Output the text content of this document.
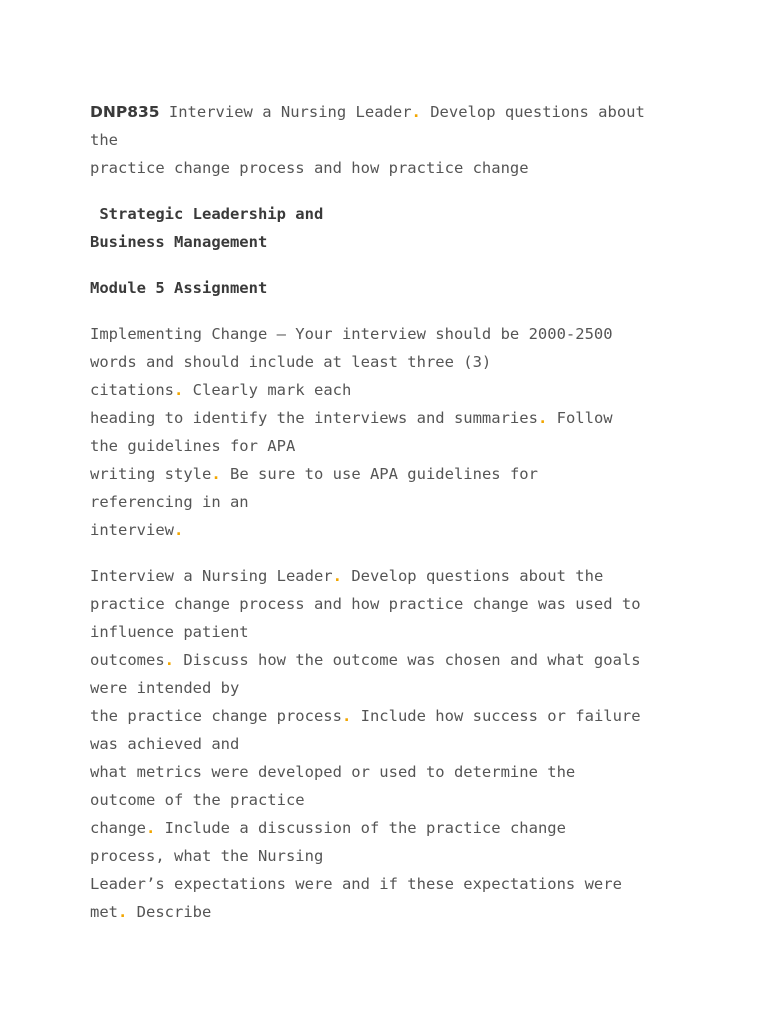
DNP835 Interview a Nursing Leader. Develop questions about
the
practice change process and how practice change
Strategic Leadership and
Business Management
Module 5 Assignment
Implementing Change – Your interview should be 2000-2500
words and should include at least three (3)
citations. Clearly mark each
heading to identify the interviews and summaries. Follow
the guidelines for APA
writing style. Be sure to use APA guidelines for
referencing in an
interview.
Interview a Nursing Leader. Develop questions about the
practice change process and how practice change was used to
influence patient
outcomes. Discuss how the outcome was chosen and what goals
were intended by
the practice change process. Include how success or failure
was achieved and
what metrics were developed or used to determine the
outcome of the practice
change. Include a discussion of the practice change
process, what the Nursing
Leader’s expectations were and if these expectations were
met. Describe
